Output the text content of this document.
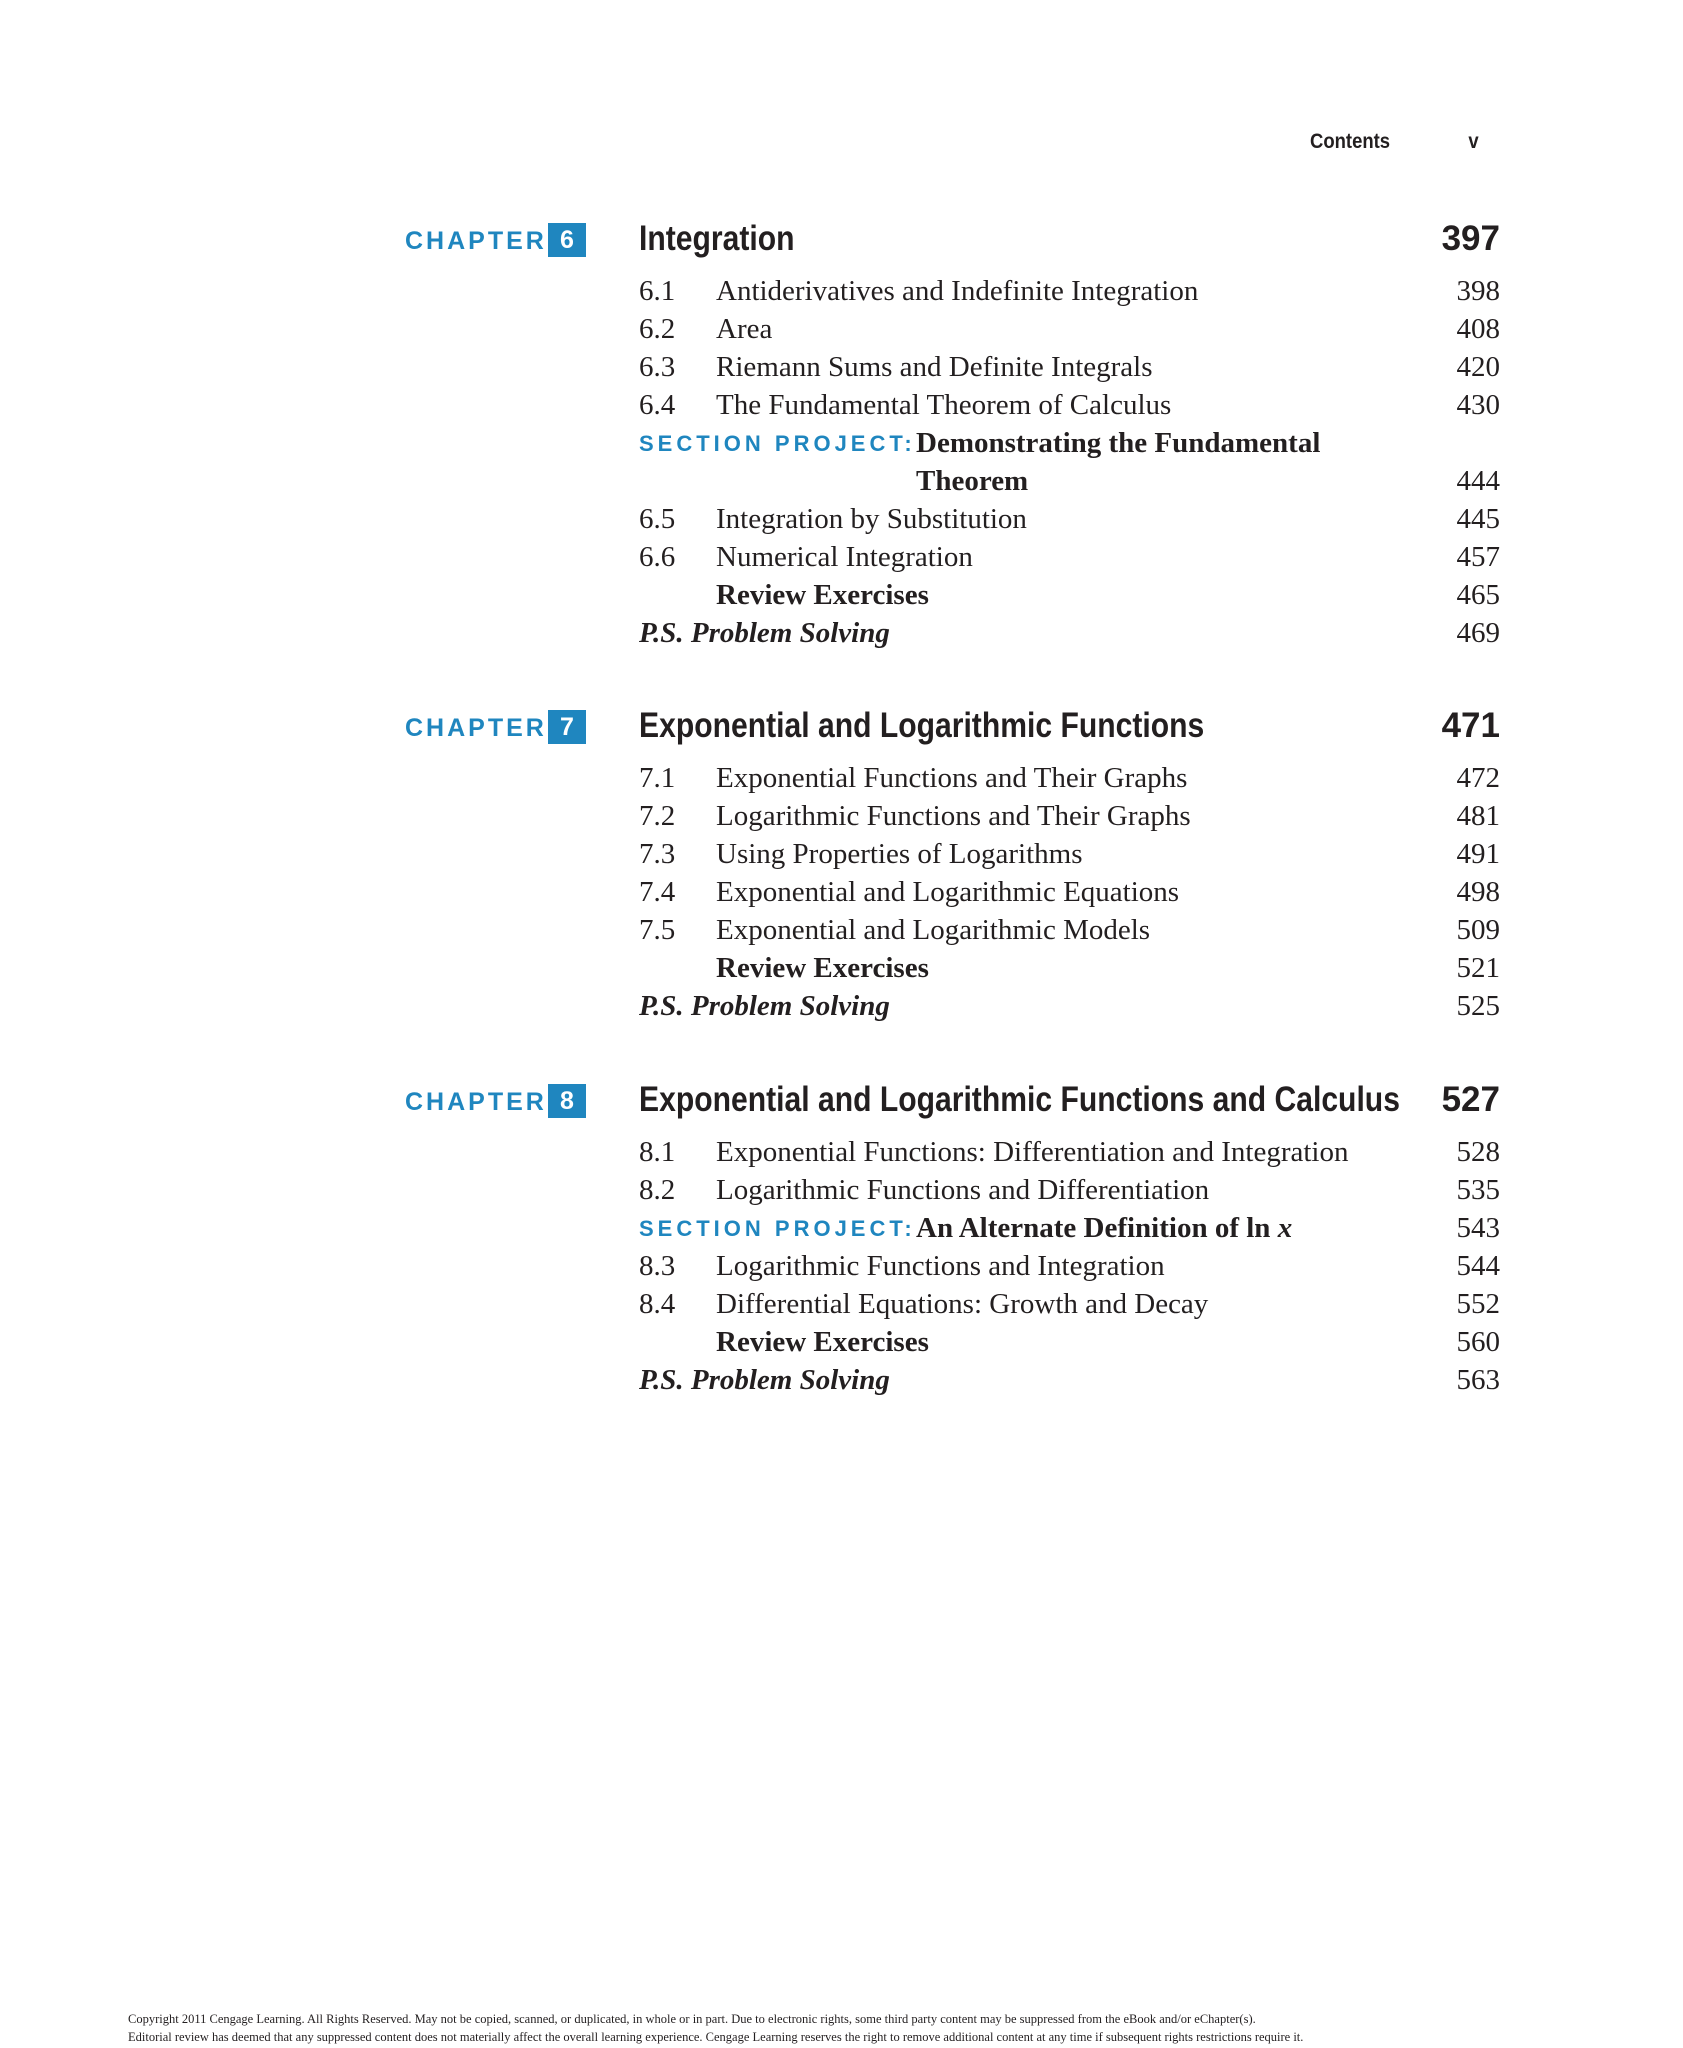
Contents	v
CHAPTER 6	Integration	397
6.1 Antiderivatives and Indefinite Integration	398
6.2 Area	408
6.3 Riemann Sums and Definite Integrals	420
6.4 The Fundamental Theorem of Calculus	430
SECTION PROJECT: Demonstrating the Fundamental
Theorem	444
6.5 Integration by Substitution	445
6.6 Numerical Integration	457
Review Exercises	465
P.S. Problem Solving	469
CHAPTER 7	Exponential and Logarithmic Functions	471
7.1 Exponential Functions and Their Graphs	472
7.2 Logarithmic Functions and Their Graphs	481
7.3 Using Properties of Logarithms	491
7.4 Exponential and Logarithmic Equations	498
7.5 Exponential and Logarithmic Models	509
Review Exercises	521
P.S. Problem Solving	525
CHAPTER 8	Exponential and Logarithmic Functions and Calculus 527
8.1 Exponential Functions: Differentiation and Integration	528
8.2 Logarithmic Functions and Differentiation	535
SECTION PROJECT: An Alternate Definition of ln x	543
8.3 Logarithmic Functions and Integration	544
8.4 Differential Equations: Growth and Decay	552
Review Exercises	560
P.S. Problem Solving	563
Copyright 2011 Cengage Learning. All Rights Reserved. May not be copied, scanned, or duplicated, in whole or in part. Due to electronic rights, some third party content may be suppressed from the eBook and/or eChapter(s).
Editorial review has deemed that any suppressed content does not materially affect the overall learning experience. Cengage Learning reserves the right to remove additional content at any time if subsequent rights restrictions require it.
